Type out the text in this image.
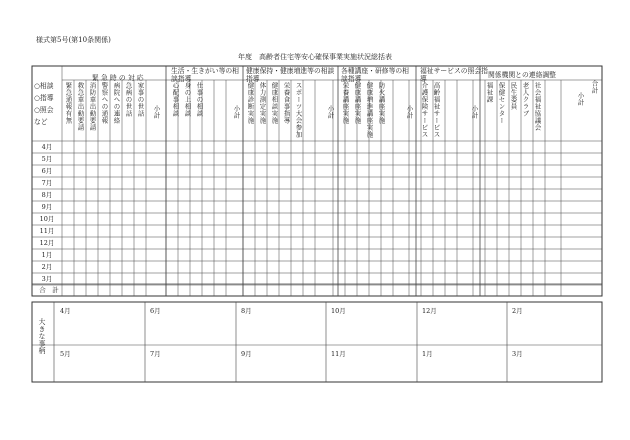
様式第5号(第10条関係)
年度　高齢者住宅等安心確保事業実施状況総括表
○相談
○指導
○照会
など
緊 急 時 の 対 応
生活・生きがい等の相談指導
健康保持・健康増進等の相談指導
各種講座・研修等の相談指導
福祉サービスの照会指導	関係機関との連絡調整
緊急通報有無 救急車出動要請 消防車出動要請 警察への通報 病院への連絡 急病の世話 家事の世話 小計 心配事相談 身の上相談 仕事の相談	小計 健康診断実施 体力測定実施 健康相談実施 栄養食事指導 スポーツ大会参加	小計 栄養講座実施 健康講座実施 健康増進講座実施 防火講座実施	小計 介護保険サービス 高齢福祉サービス	小計
福祉課 保健センター 民生委員 老人クラブ 社会福祉協議会	小計
合計
4月
5月
6月
7月
8月
9月
10月
11月
12月
1月
2月
3月
合　計
大きな事柄
4月	6月	8月	10月	12月	2月
5月	7月	9月	11月	1月	3月
